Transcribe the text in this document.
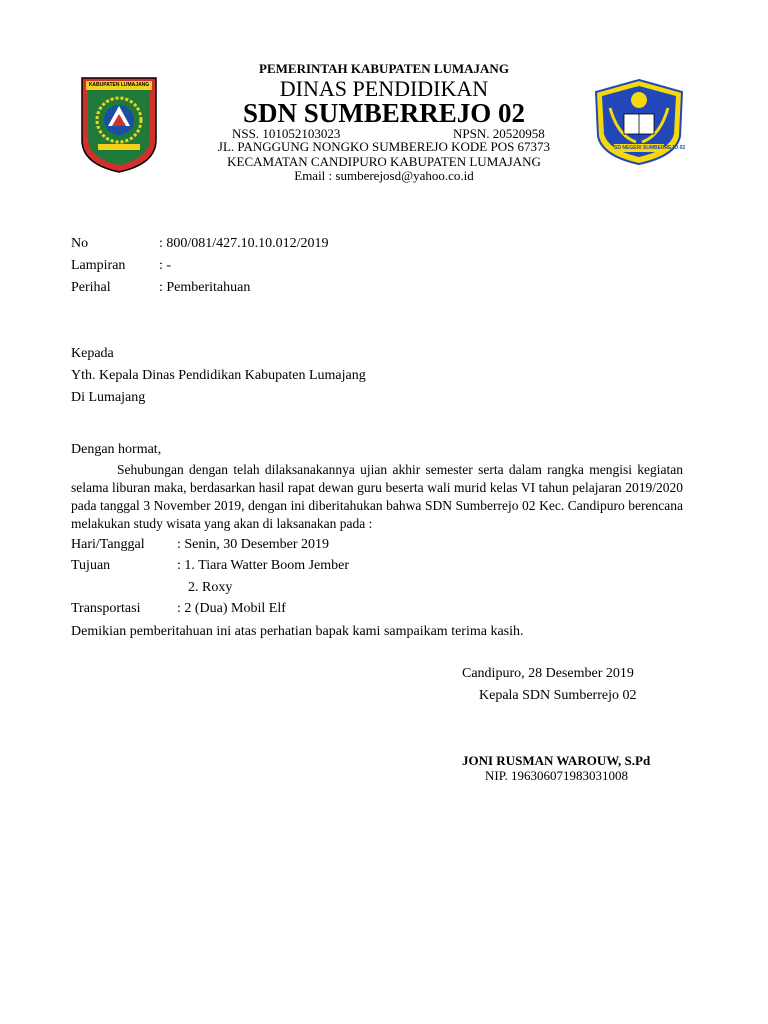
KABUPATEN LUMAJANG
SD NEGERI SUMBERREJO 02
PEMERINTAH KABUPATEN LUMAJANG
DINAS PENDIDIKAN
SDN SUMBERREJO 02
NSS. 101052103023	NPSN. 20520958
JL. PANGGUNG NONGKO SUMBEREJO KODE POS 67373
KECAMATAN CANDIPURO KABUPATEN LUMAJANG
Email : sumberejosd@yahoo.co.id
No	: 800/081/427.10.10.012/2019
Lampiran : -
Perihal	: Pemberitahuan
Kepada
Yth. Kepala Dinas Pendidikan Kabupaten Lumajang
Di Lumajang
Dengan hormat,
Sehubungan dengan telah dilaksanakannya ujian akhir semester serta dalam rangka mengisi kegiatan selama liburan maka, berdasarkan hasil rapat dewan guru beserta wali murid kelas VI tahun pelajaran 2019/2020 pada tanggal 3 November 2019, dengan ini diberitahukan bahwa SDN Sumberrejo 02 Kec. Candipuro berencana melakukan study wisata yang akan di laksanakan pada :
Hari/Tanggal : Senin, 30 Desember 2019
Tujuan	: 1. Tiara Watter Boom Jember
2. Roxy
Transportasi	: 2 (Dua) Mobil Elf
Demikian pemberitahuan ini atas perhatian bapak kami sampaikam terima kasih.
Candipuro, 28 Desember 2019
Kepala SDN Sumberrejo 02
JONI RUSMAN WAROUW, S.Pd
NIP. 196306071983031008
